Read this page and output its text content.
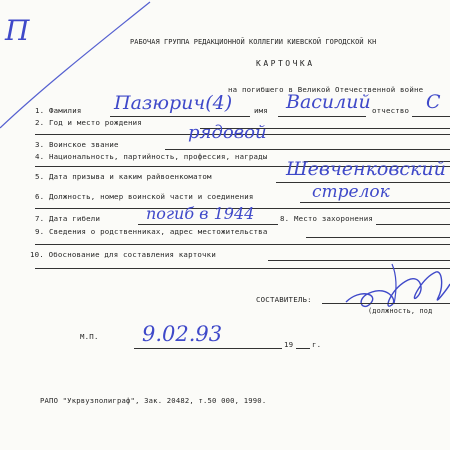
П	РАБОЧАЯ ГРУППА РЕДАКЦИОННОЙ КОЛЛЕГИИ КИЕВСКОЙ ГОРОДСКОЙ КН
КАРТОЧКА
на погибшего в Великой Отечественной войне
1. Фамилия Пазюрич(4)	имя Василий отчество С
2. Год и место рождения
3. Воинское звание
рядовой
4. Национальность, партийность, профессия, награды
5. Дата призыва и каким райвоенкоматом	Шевченковский
6. Должность, номер воинской части и соединения	стрелок
7. Дата гибели	погиб в 1944	8. Место захоронения
9. Сведения о родственниках, адрес местожительства
10. Обоснование для составления карточки
СОСТАВИТЕЛЬ:
(должность, под
М.П. 9.02.93	19	г.
РАПО "Укрвузполиграф", Зак. 20482, т.50 000, 1990.
